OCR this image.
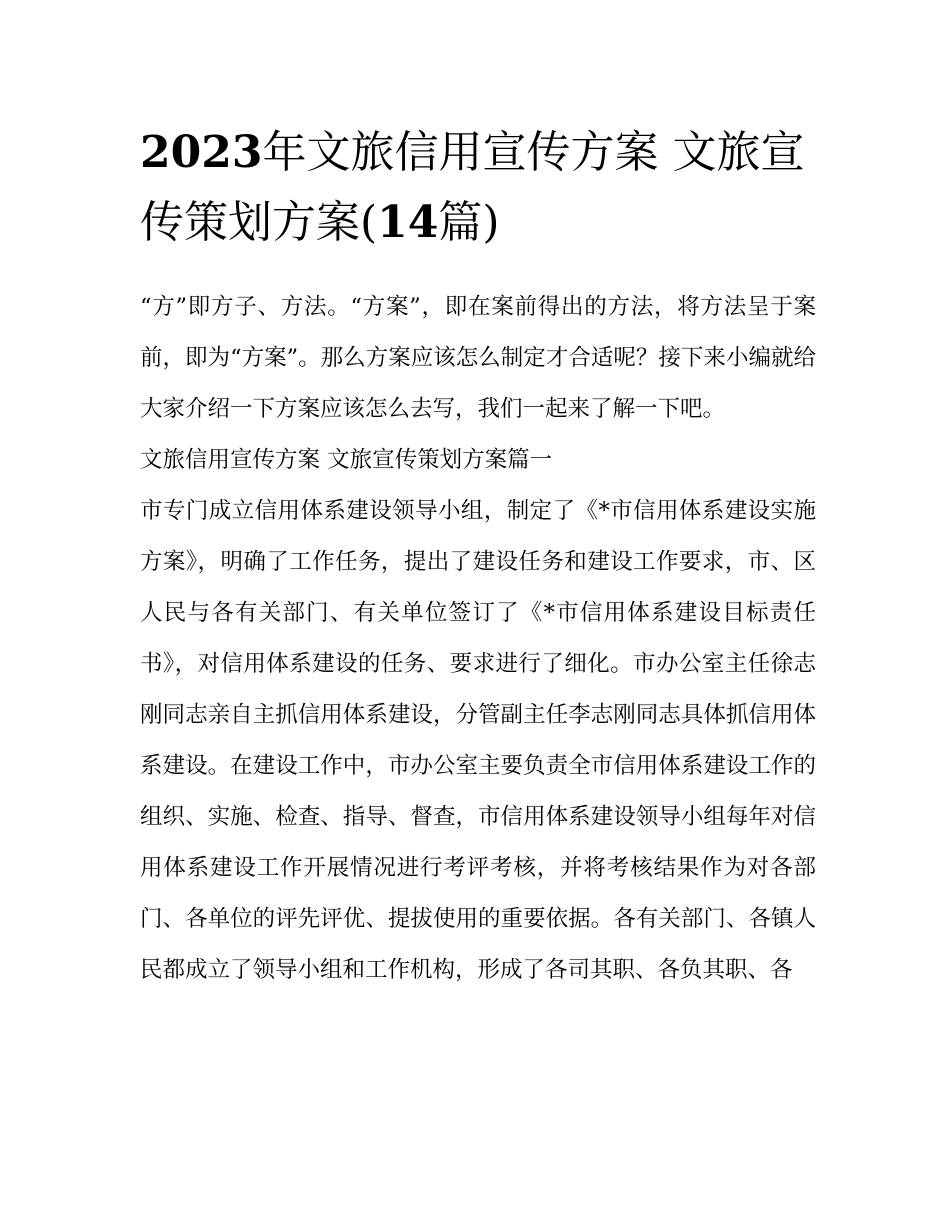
2023年文旅信用宣传方案 文旅宣传策划方案(14篇)

“方”即方子、方法。“方案”，即在案前得出的方法，将方法呈于案前，即为“方案”。那么方案应该怎么制定才合适呢？接下来小编就给大家介绍一下方案应该怎么去写，我们一起来了解一下吧。

文旅信用宣传方案 文旅宣传策划方案篇一

市专门成立信用体系建设领导小组，制定了《*市信用体系建设实施方案》，明确了工作任务，提出了建设任务和建设工作要求，市、区人民与各有关部门、有关单位签订了《*市信用体系建设目标责任书》，对信用体系建设的任务、要求进行了细化。市办公室主任徐志刚同志亲自主抓信用体系建设，分管副主任李志刚同志具体抓信用体系建设。在建设工作中，市办公室主要负责全市信用体系建设工作的组织、实施、检查、指导、督查，市信用体系建设领导小组每年对信用体系建设工作开展情况进行考评考核，并将考核结果作为对各部门、各单位的评先评优、提拔使用的重要依据。各有关部门、各镇人民都成立了领导小组和工作机构，形成了各司其职、各负其职、各
